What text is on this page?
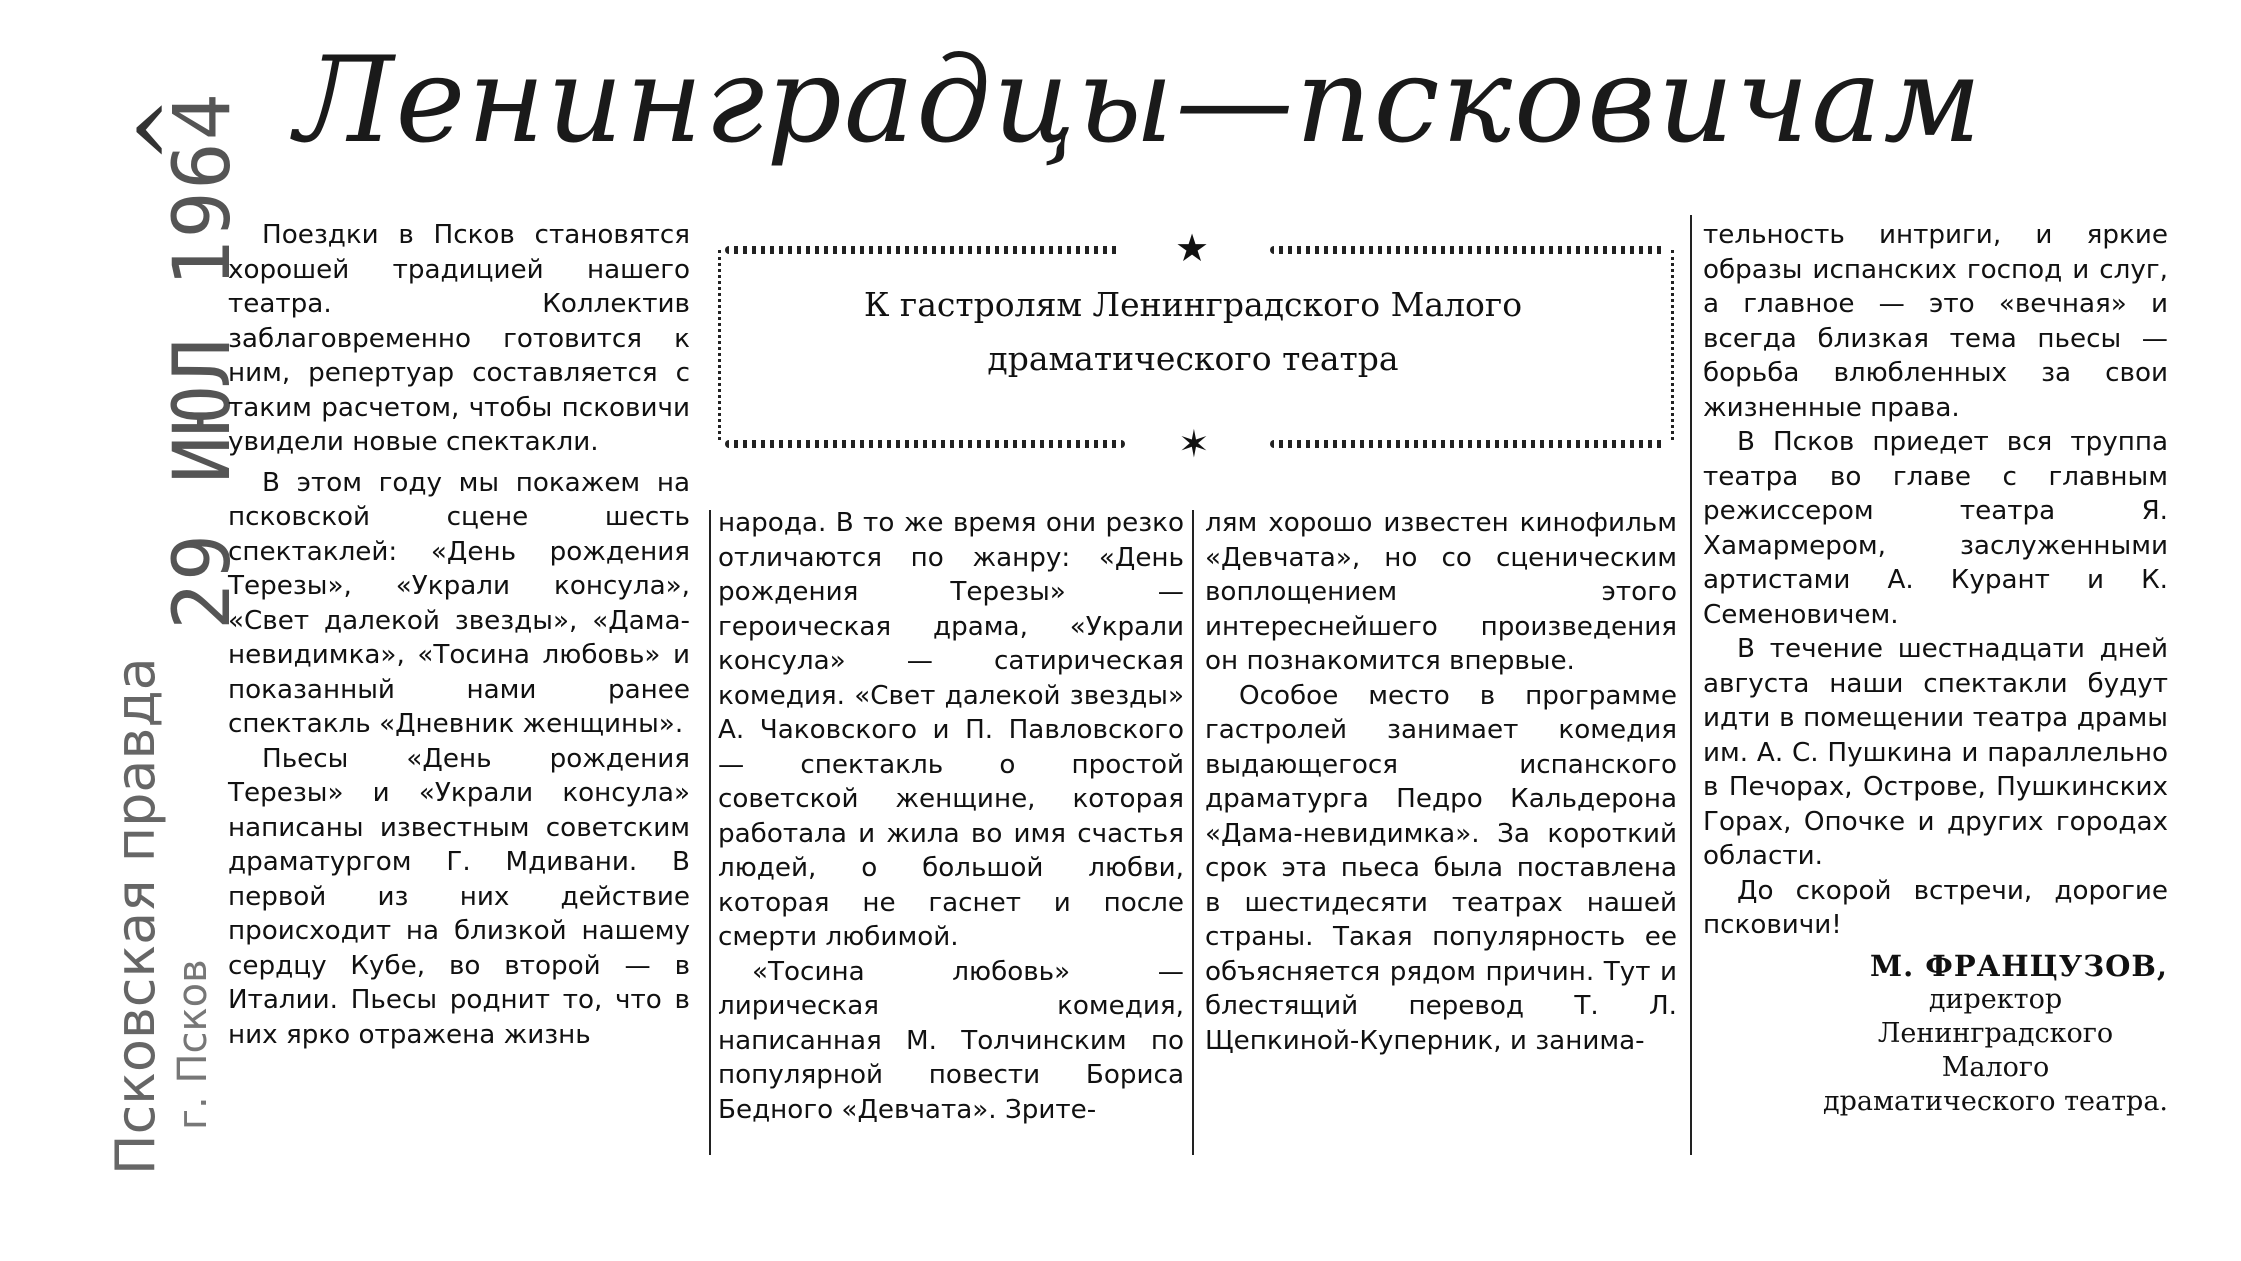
29 ИЮЛ 1964
Псковская правда г. Псков
‹ Ленинградцы—псковичам

Поездки в Псков становятся хорошей традицией нашего театра. Коллектив заблаговременно готовится к ним, репертуар составляется с таким расчетом, чтобы псковичи увидели новые спектакли.

В этом году мы покажем на псковской сцене шесть спектаклей: «День рождения Терезы», «Украли консула», «Свет далекой звезды», «Дама-невидимка», «Тосина любовь» и показанный нами ранее спектакль «Дневник женщины».

Пьесы «День рождения Терезы» и «Украли консула» написаны известным советским драматургом Г. Мдивани. В первой из них действие происходит на близкой нашему сердцу Кубе, во второй — в Италии. Пьесы роднит то, что в них ярко отражена жизнь

★
✶
К гастролям Ленинградского Малого
драматического театра

народа. В то же время они резко отличаются по жанру: «День рождения Терезы» — героическая драма, «Украли консула» — сатирическая комедия. «Свет далекой звезды» А. Чаковского и П. Павловского — спектакль о простой советской женщине, которая работала и жила во имя счастья людей, о большой любви, которая не гаснет и после смерти любимой.

«Тосина любовь» — лирическая комедия, написанная М. Толчинским по популярной повести Бориса Бедного «Девчата». Зрите-

лям хорошо известен кинофильм «Девчата», но со сценическим воплощением этого интереснейшего произведения он познакомится впервые.

Особое место в программе гастролей занимает комедия выдающегося испанского драматурга Педро Кальдерона «Дама-невидимка». За короткий срок эта пьеса была поставлена в шестидесяти театрах нашей страны. Такая популярность ее объясняется рядом причин. Тут и блестящий перевод Т. Л. Щепкиной-Куперник, и занима-

тельность интриги, и яркие образы испанских господ и слуг, а главное — это «вечная» и всегда близкая тема пьесы — борьба влюбленных за свои жизненные права.

В Псков приедет вся труппа театра во главе с главным режиссером театра Я. Хамармером, заслуженными артистами А. Курант и К. Семеновичем.

В течение шестнадцати дней августа наши спектакли будут идти в помещении театра драмы им. А. С. Пушкина и параллельно в Печорах, Острове, Пушкинских Горах, Опочке и других городах области.

До скорой встречи, дорогие псковичи!

М. ФРАНЦУЗОВ,
директор Ленинградского Малого драматического театра.
